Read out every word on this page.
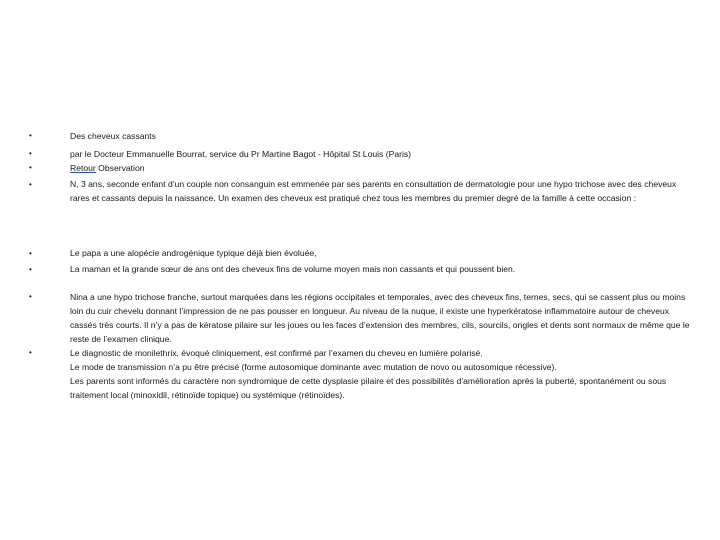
•	Des cheveux cassants
•	par le Docteur Emmanuelle Bourrat, service du Pr Martine Bagot - Hôpital St Louis (Paris)
•	Retour Observation
•	N, 3 ans, seconde enfant d’un couple non consanguin est emmenée par ses parents en consultation de dermatologie pour une hypo trichose avec des cheveux rares et cassants depuis la naissance. Un examen des cheveux est pratiqué chez tous les membres du premier degré de la famille à cette occasion :
•	Le papa a une alopécie androgénique typique déjà bien évoluée,
•	La maman et la grande sœur de ans ont des cheveux fins de volume moyen mais non cassants et qui poussent bien.
•	Nina a une hypo trichose franche, surtout marquées dans les régions occipitales et temporales, avec des cheveux fins, ternes, secs, qui se cassent plus ou moins loin du cuir chevelu donnant l’impression de ne pas pousser en longueur. Au niveau de la nuque, il existe une hyperkératose inflammatoire autour de cheveux cassés très courts. Il n’y a pas de kératose pilaire sur les joues ou les faces d’extension des membres, cils, sourcils, ongles et dents sont normaux de même que le reste de l’examen clinique.
•	Le diagnostic de monilethrix, évoqué cliniquement, est confirmé par l’examen du cheveu en lumière polarisé.
Le mode de transmission n’a pu être précisé (forme autosomique dominante avec mutation de novo ou autosomique récessive).
Les parents sont informés du caractère non syndromique de cette dysplasie pilaire et des possibilités d’amélioration après la puberté, spontanément ou sous traitement local (minoxidil, rétinoïde topique) ou systémique (rétinoïdes).
